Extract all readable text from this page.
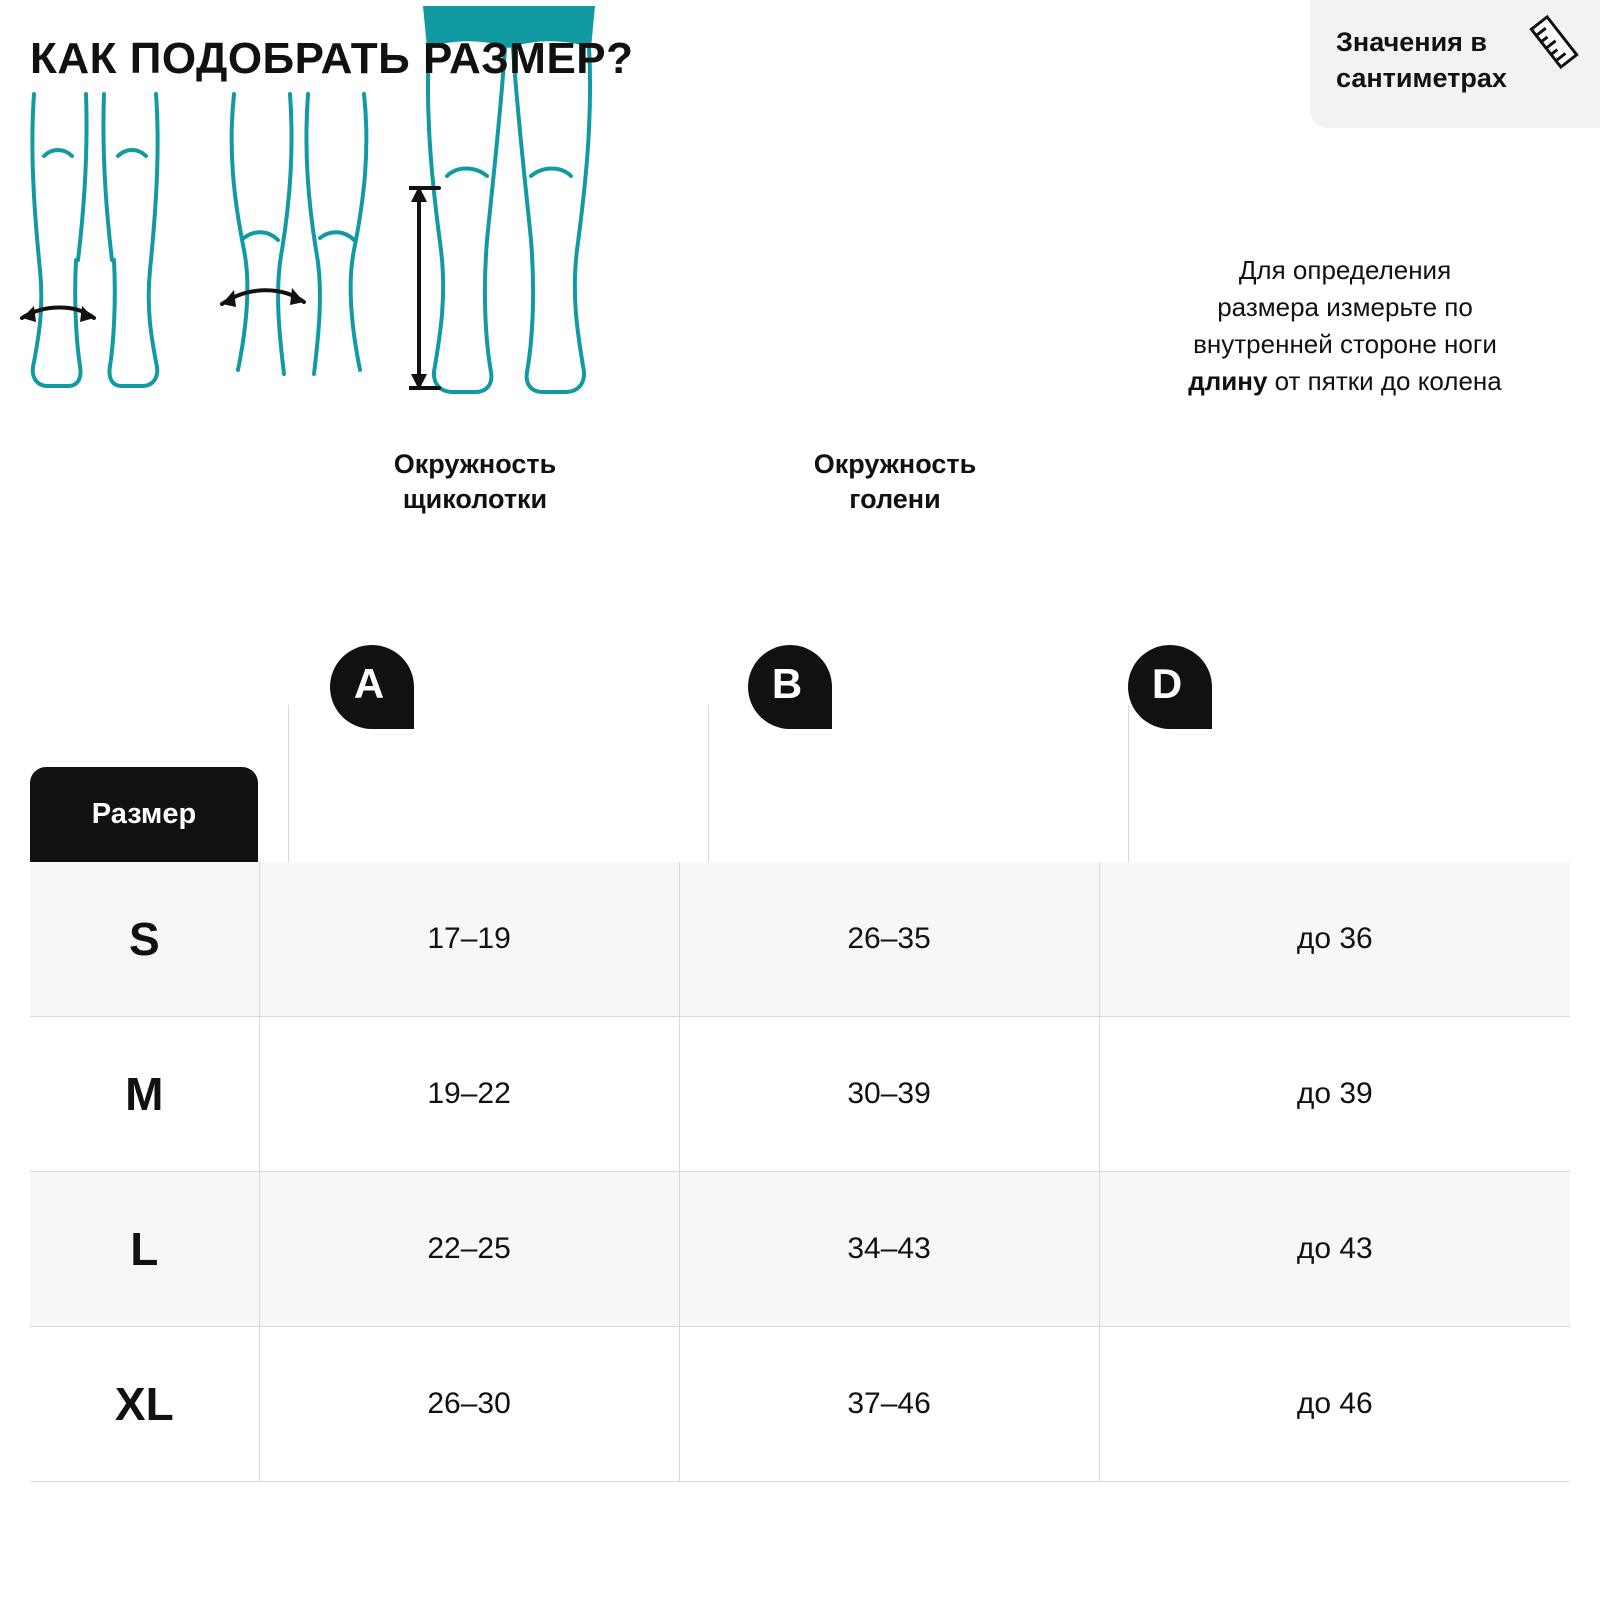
КАК ПОДОБРАТЬ РАЗМЕР?	Значения в сантиметрах
Для определения
размера измерьте по
внутренней стороне ноги
длину от пятки до колена
Окружность
щиколотки
Окружность
голени

A	B	D
Размер
S	17–19	26–35	до 36
M	19–22	30–39	до 39
L	22–25	34–43	до 43
XL	26–30	37–46	до 46
